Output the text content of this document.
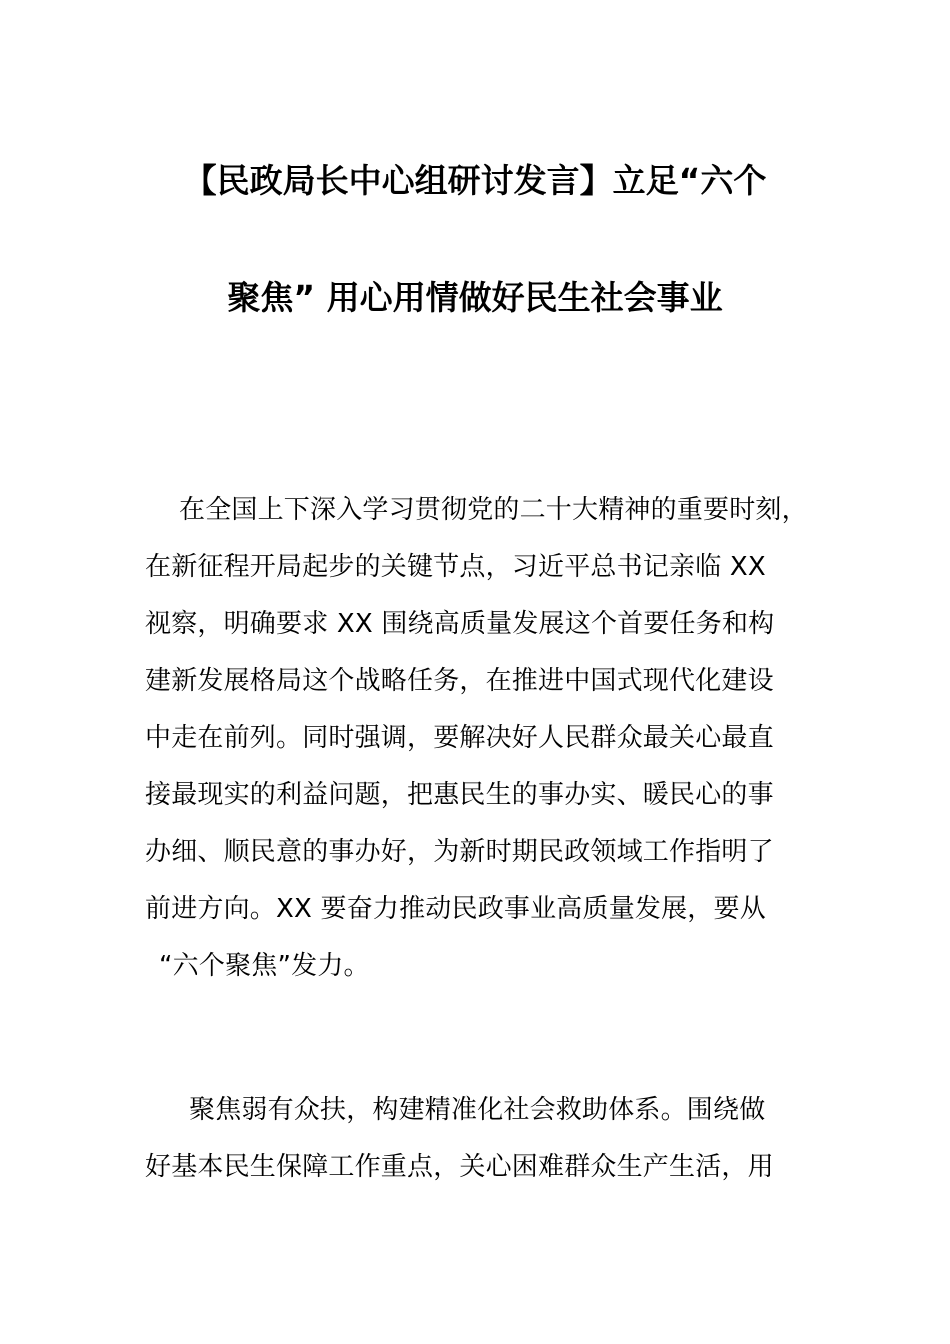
【民政局长中心组研讨发言】立足“六个
聚焦” 用心用情做好民生社会事业
在全国上下深入学习贯彻党的二十大精神的重要时刻，
在新征程开局起步的关键节点，习近平总书记亲临 XX
视察，明确要求 XX 围绕高质量发展这个首要任务和构
建新发展格局这个战略任务，在推进中国式现代化建设
中走在前列。同时强调，要解决好人民群众最关心最直
接最现实的利益问题，把惠民生的事办实、暖民心的事
办细、顺民意的事办好，为新时期民政领域工作指明了
前进方向。XX 要奋力推动民政事业高质量发展，要从
“六个聚焦”发力。
聚焦弱有众扶，构建精准化社会救助体系。围绕做
好基本民生保障工作重点，关心困难群众生产生活，用
